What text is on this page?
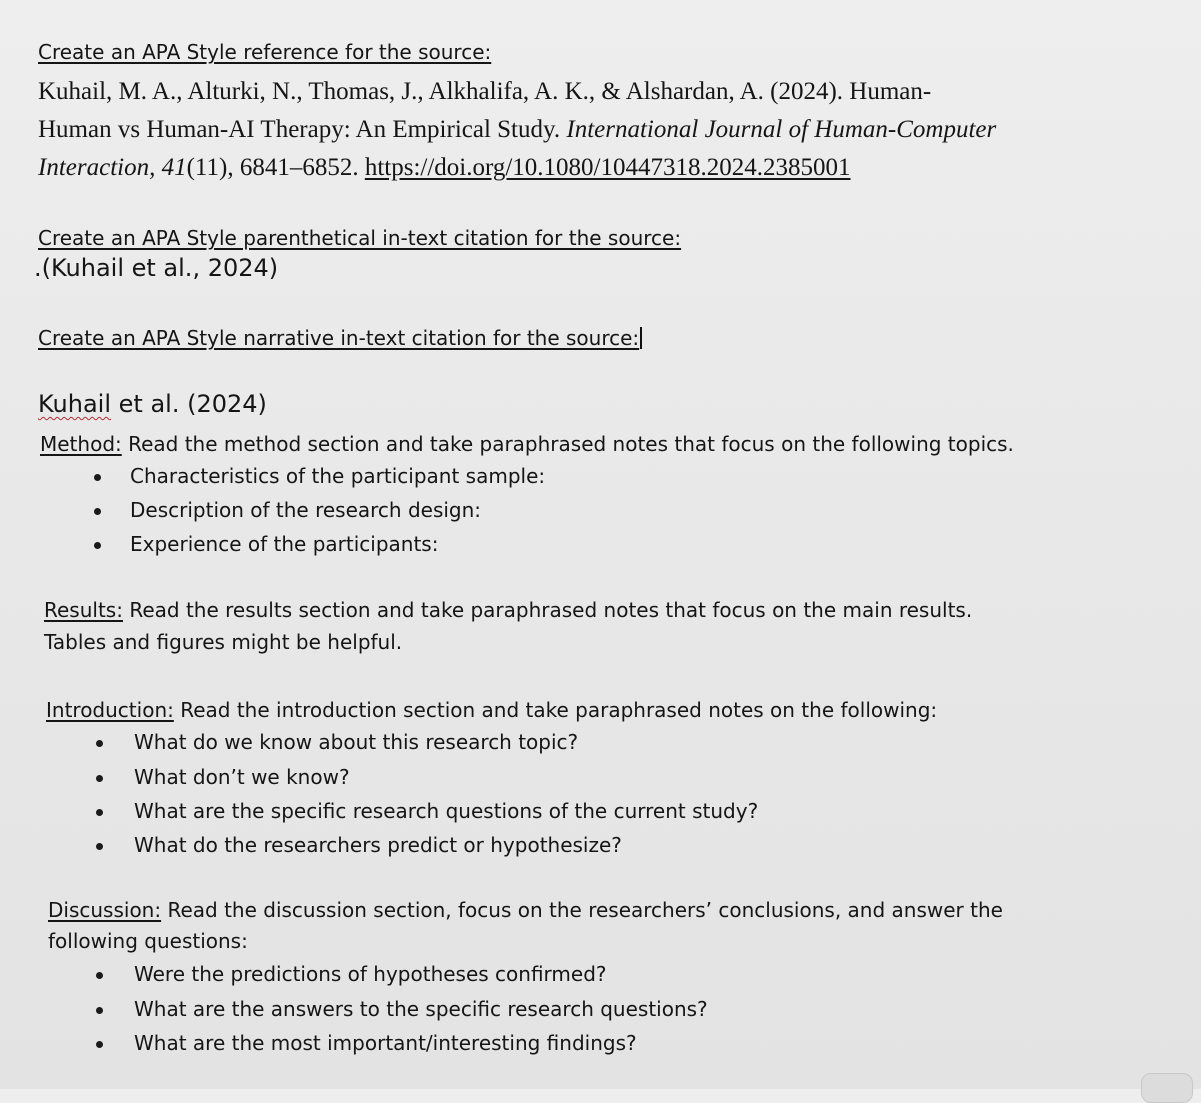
Create an APA Style reference for the source:
Kuhail, M. A., Alturki, N., Thomas, J., Alkhalifa, A. K., & Alshardan, A. (2024). Human-
Human vs Human-AI Therapy: An Empirical Study. International Journal of Human-Computer
Interaction, 41(11), 6841–6852. https://doi.org/10.1080/10447318.2024.2385001
Create an APA Style parenthetical in-text citation for the source:
.(Kuhail et al., 2024)
Create an APA Style narrative in-text citation for the source:
Kuhail et al. (2024)
Method: Read the method section and take paraphrased notes that focus on the following topics.
Characteristics of the participant sample:
Description of the research design:
Experience of the participants:
Results: Read the results section and take paraphrased notes that focus on the main results.
Tables and figures might be helpful.
Introduction: Read the introduction section and take paraphrased notes on the following:
What do we know about this research topic?
What don’t we know?
What are the specific research questions of the current study?
What do the researchers predict or hypothesize?
Discussion: Read the discussion section, focus on the researchers’ conclusions, and answer the
following questions:
Were the predictions of hypotheses confirmed?
What are the answers to the specific research questions?
What are the most important/interesting findings?
